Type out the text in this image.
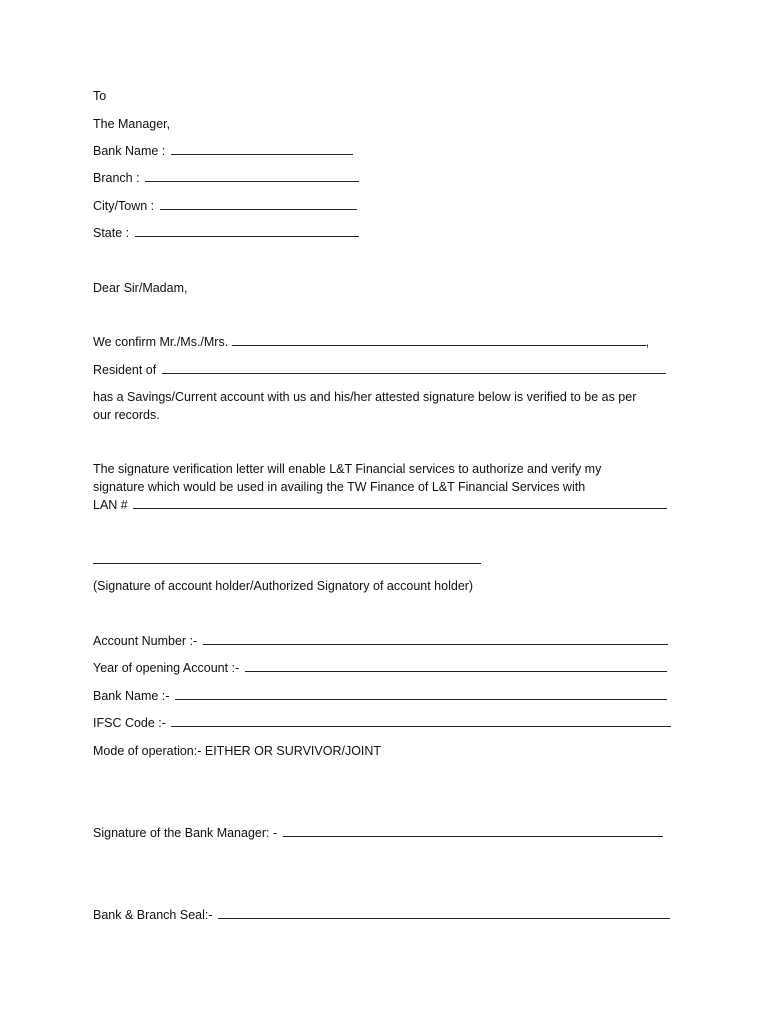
To
The Manager,
Bank Name :
Branch :
City/Town :
State :
Dear Sir/Madam,
We confirm Mr./Ms./Mrs.	,
Resident of
has a Savings/Current account with us and his/her attested signature below is verified to be as per
our records.
The signature verification letter will enable L&T Financial services to authorize and verify my
signature which would be used in availing the TW Finance of L&T Financial Services with
LAN #
(Signature of account holder/Authorized Signatory of account holder)
Account Number :-
Year of opening Account :-
Bank Name :-
IFSC Code :-
Mode of operation:- EITHER OR SURVIVOR/JOINT
Signature of the Bank Manager: -
Bank & Branch Seal:-
